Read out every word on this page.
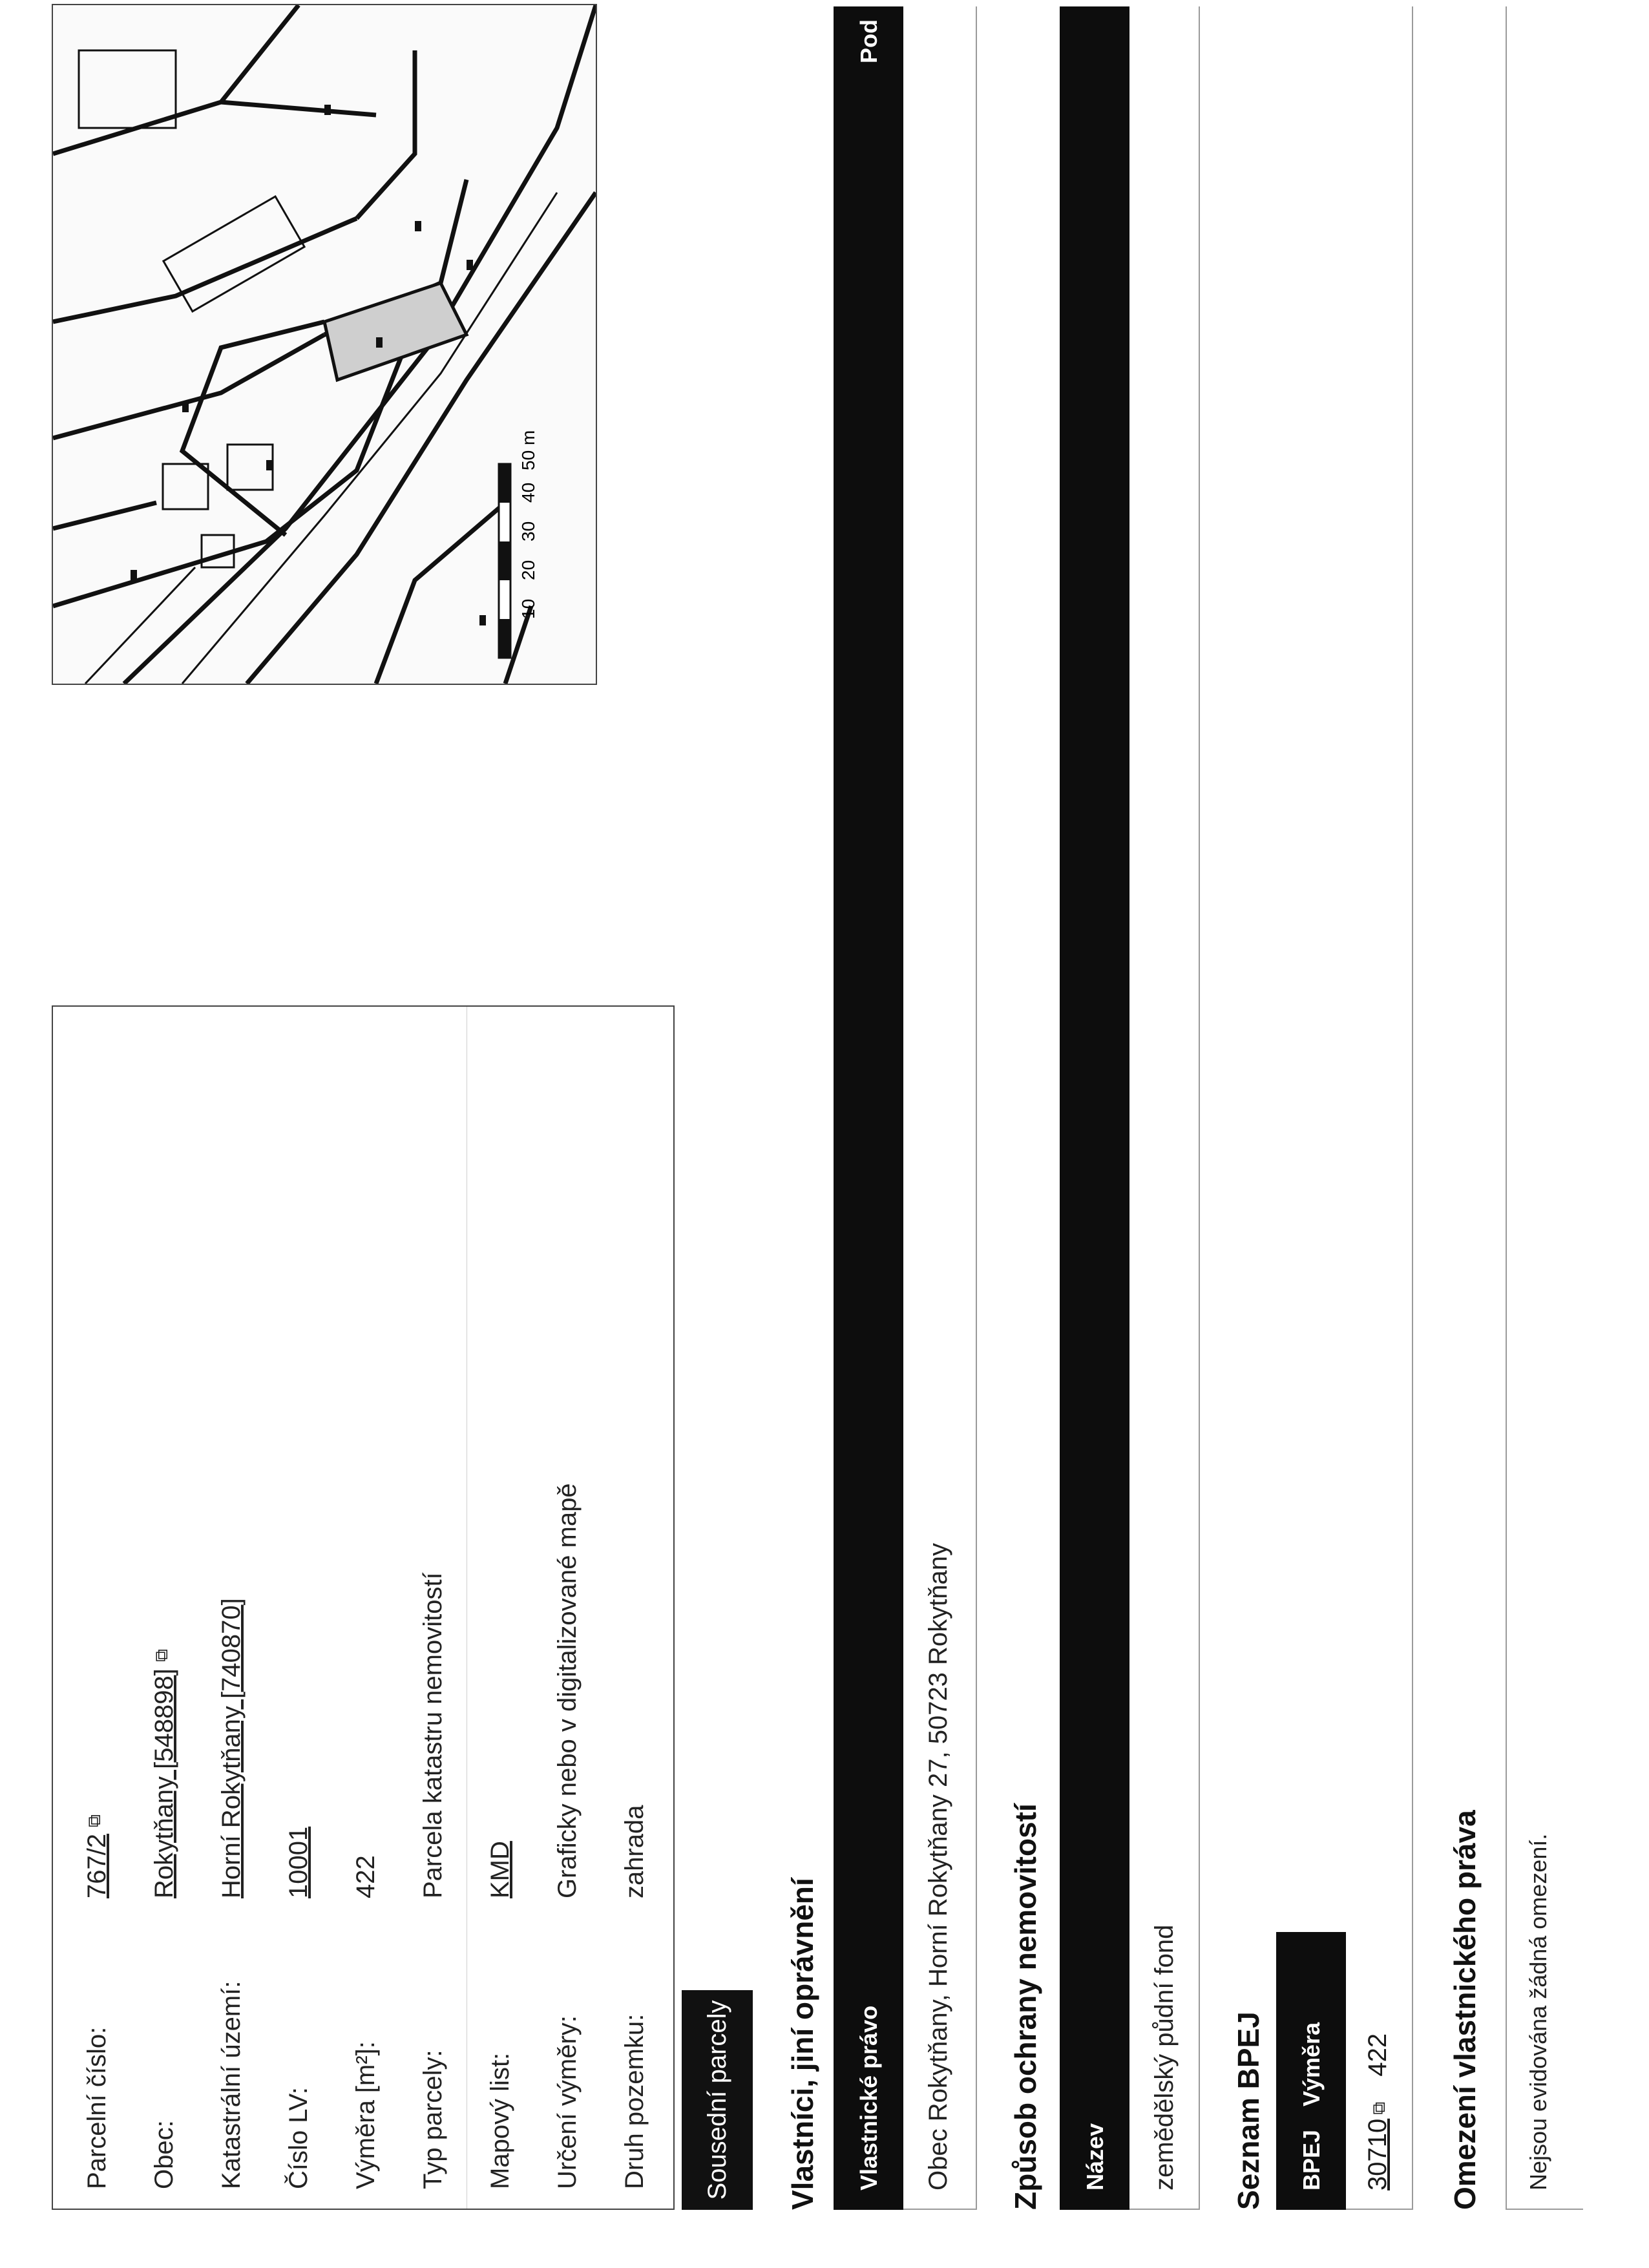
Parcelní číslo:
767/2
⧉
Obec:
Rokytňany [548898]
⧉
Katastrální území:
Horní Rokytňany [740870]
Číslo LV:
10001
Výměra [m²]:
422
Typ parcely:
Parcela katastru nemovitostí
Mapový list:
KMD
Určení výměry:
Graficky nebo v digitalizované mapě
Druh pozemku:
zahrada
10
20
30
40
50 m
Sousední parcely	Vlastníci, jiní oprávnění Vlastnické právo
Pod
Obec Rokytňany, Horní Rokytňany 27, 50723 Rokytňany Způsob ochrany nemovitostí Název zemědělský půdní fond Seznam BPEJ BPEJ
Výměra
30710⧉ 422 Omezení vlastnického práva Nejsou evidována žádná omezení.
